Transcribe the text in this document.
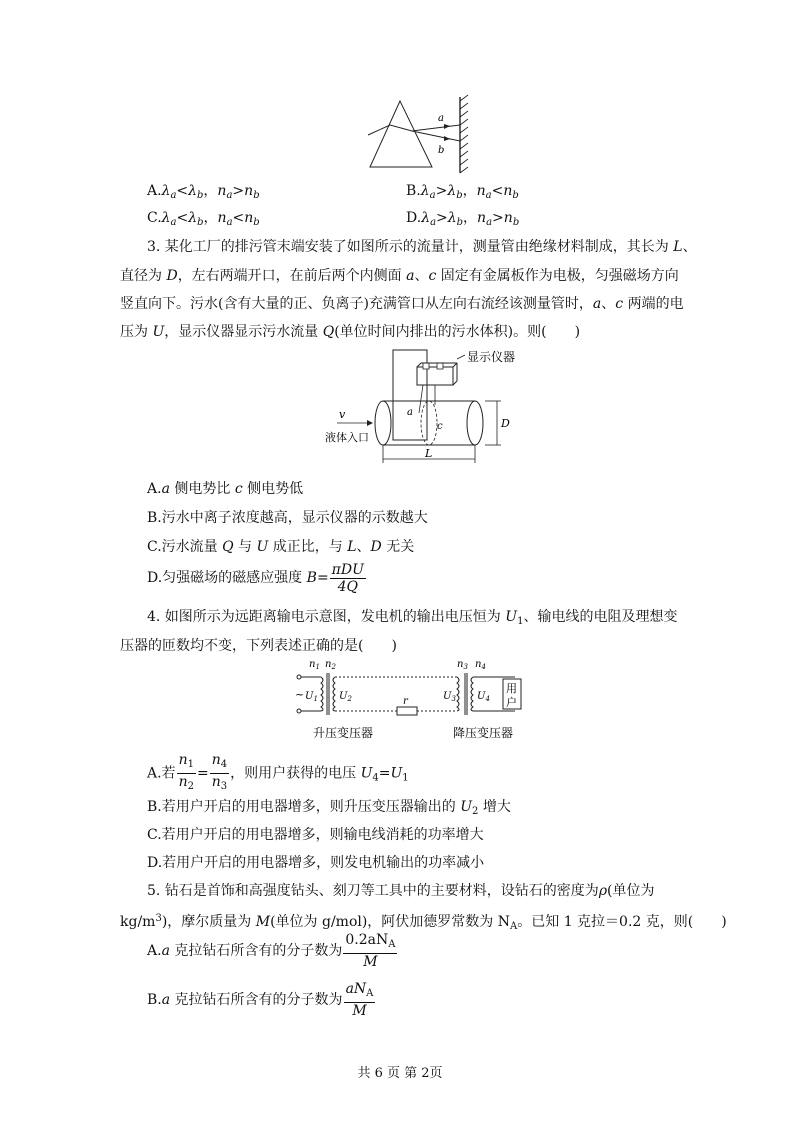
a
b
$A.\lambda_a<\lambda_b$，$n_a>n_b$	$B.\lambda_a>\lambda_b$，$n_a<n_b$
$C.\lambda_a<\lambda_b$，$n_a<n_b$	$D.\lambda_a>\lambda_b$，$n_a>n_b$
3. 某化工厂的排污管末端安装了如图所示的流量计，测量管由绝缘材料制成，其长为 L、
直径为 D，左右两端开口，在前后两个内侧面 a、c 固定有金属板作为电极，匀强磁场方向
竖直向下。污水(含有大量的正、负离子)充满管口从左向右流经该测量管时，a、c 两端的电
压为 U，显示仪器显示污水流量 Q(单位时间内排出的污水体积)。则(　　)
显示仪器
a
c
v
液体入口
D
L
A.a 侧电势比 c 侧电势低
B.污水中离子浓度越高，显示仪器的示数越大
C.污水流量 Q 与 U 成正比，与 L、D 无关
D.匀强磁场的磁感应强度 $B= \frac{\text{πDU}}{4Q}$
4. 如图所示为远距离输电示意图，发电机的输出电压恒为 $U_1$、输电线的电阻及理想变
压器的匝数均不变，下列表述正确的是(　　)
$n_1$ $n_2$	$n_3$ $n_4$
~ $U_1$ $U_2$	r	$U_3$ $U_4$
用
户
升压变压器	降压变压器
A.若 $\frac{n_1}{n_2} = \frac{n_4}{n_3}$ ，则用户获得的电压 $U_4=U_1$
B.若用户开启的用电器增多，则升压变压器输出的 $U_2$ 增大
C.若用户开启的用电器增多，则输电线消耗的功率增大
D.若用户开启的用电器增多，则发电机输出的功率减小
5. 钻石是首饰和高强度钻头、刻刀等工具中的主要材料，设钻石的密度为ρ(单位为
$kg/m^3$)，摩尔质量为 M(单位为 g/mol)，阿伏加德罗常数为 $N_A$。已知 1 克拉＝0.2 克，则(　　)
A.a 克拉钻石所含有的分子数为 $\frac{0.2aN_A}{M}$
B.a 克拉钻石所含有的分子数为 $\frac{aN_A}{M}$
共 6 页 第 2页
